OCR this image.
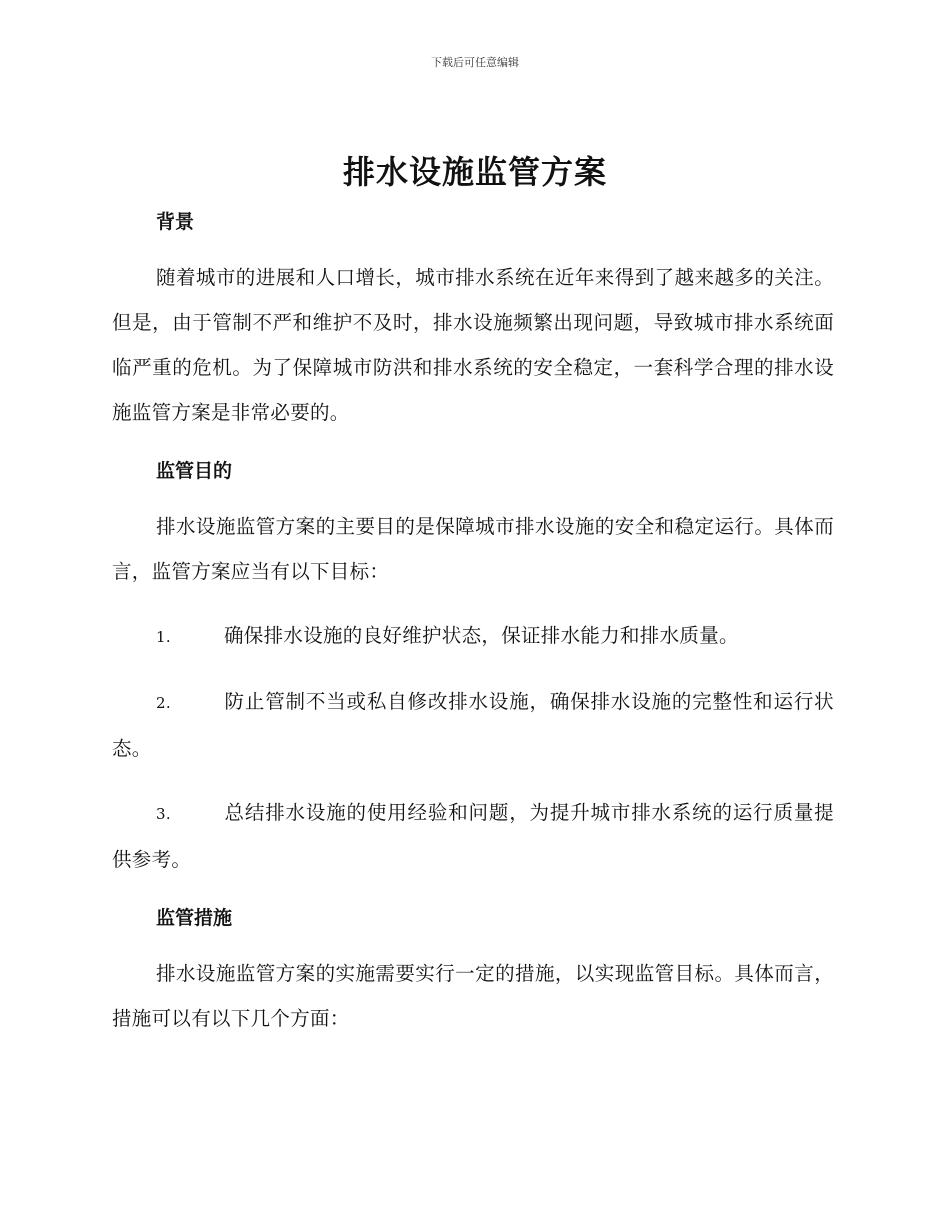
下载后可任意编辑
排水设施监管方案
背景

随着城市的进展和人口增长，城市排水系统在近年来得到了越来越多的关注。但是，由于管制不严和维护不及时，排水设施频繁出现问题，导致城市排水系统面临严重的危机。为了保障城市防洪和排水系统的安全稳定，一套科学合理的排水设施监管方案是非常必要的。

监管目的

排水设施监管方案的主要目的是保障城市排水设施的安全和稳定运行。具体而言，监管方案应当有以下目标：

1.	确保排水设施的良好维护状态，保证排水能力和排水质量。

2.	防止管制不当或私自修改排水设施，确保排水设施的完整性和运行状态。

3.	总结排水设施的使用经验和问题，为提升城市排水系统的运行质量提供参考。

监管措施

排水设施监管方案的实施需要实行一定的措施，以实现监管目标。具体而言，措施可以有以下几个方面：
